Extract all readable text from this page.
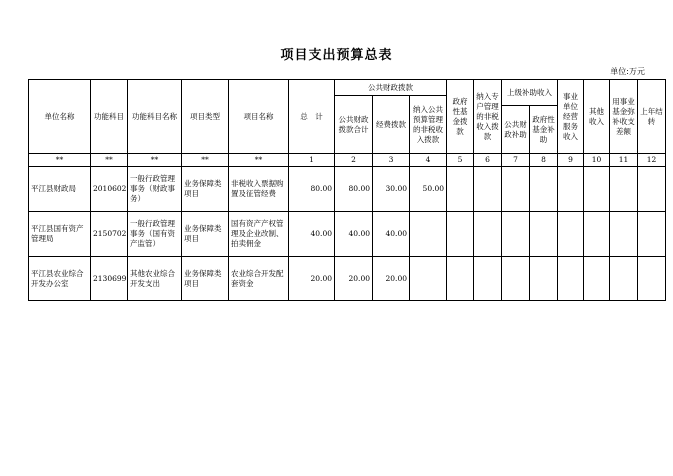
项目支出预算总表
单位:万元
单位名称	功能科目	功能科目名称	项目类型	项目名称	总　计	公共财政拨款			政府性基金拨款	纳入专户管理的非税收入拨款	上级补助收入		事业单位经营服务收入	其他收入	用事业基金弥补收支差额	上年结转
						公共财政拨款合计	经费拨款	纳入公共预算管理的非税收入拨款								
											公共财政补助	政府性基金补助				
**	**	**	**	**	1	2	3	4	5	6	7	8	9	10	11	12
平江县财政局	2010602	一般行政管理事务（财政事务）	业务保障类项目	非税收入票据购置及征管经费	80.00	80.00	30.00	50.00								
平江县国有资产管理局	2150702	一般行政管理事务（国有资产监管）	业务保障类项目	国有资产产权管理及企业改制、拍卖佣金	40.00	40.00	40.00									
平江县农业综合开发办公室	2130699	其他农业综合开发支出	业务保障类项目	农业综合开发配套资金	20.00	20.00	20.00									
